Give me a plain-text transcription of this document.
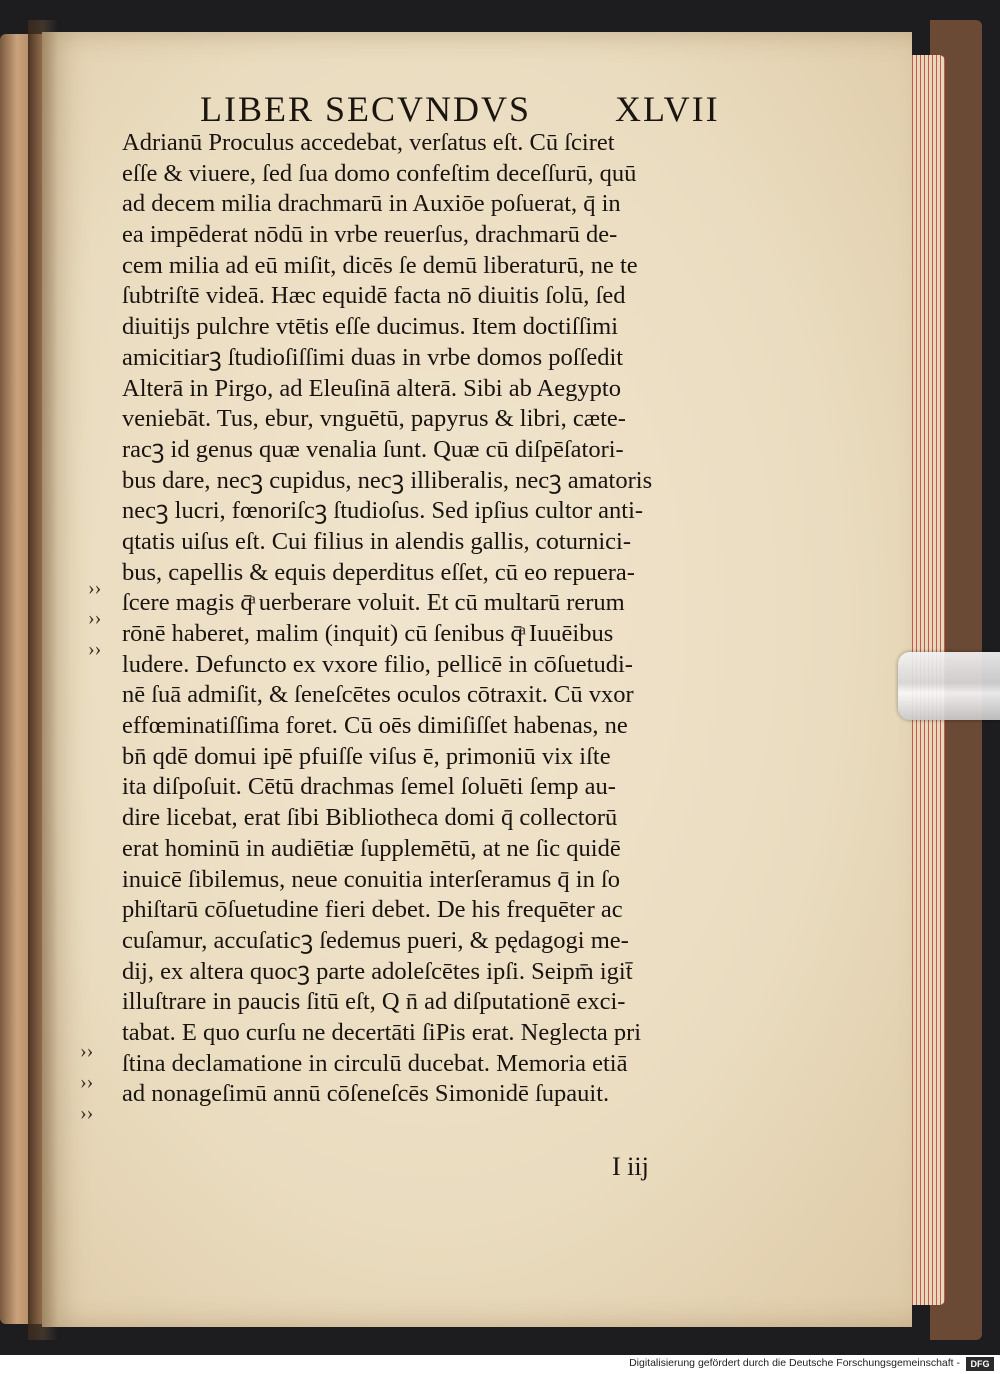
LIBER SECVNDVS XLVII
Adrianū Proculus accedebat, verſatus eſt. Cū ſciret
eſſe & viuere, ſed ſua domo confeſtim deceſſurū, quū
ad decem milia drachmarū in Auxiōe poſuerat, q̄ in
ea impēderat nōdū in vrbe reuerſus, drachmarū de-
cem milia ad eū miſit, dicēs ſe demū liberaturū, ne te
ſubtriſtē videā. Hæc equidē facta nō diuitis ſolū, ſed
diuitijs pulchre vtētis eſſe ducimus. Item doctiſſimi
amicitiarꝫ ſtudioſiſſimi duas in vrbe domos poſſedit
Alterā in Pirgo, ad Eleuſinā alterā. Sibi ab Aegypto
veniebāt. Tus, ebur, vnguētū, papyrus & libri, cæte-
racꝫ id genus quæ venalia ſunt. Quæ cū diſpēſatori-
bus dare, necꝫ cupidus, necꝫ illiberalis, necꝫ amatoris
necꝫ lucri, fœnoriſcꝫ ſtudioſus. Sed ipſius cultor anti-
qtatis uiſus eſt. Cui filius in alendis gallis, coturnici-
bus, capellis & equis deperditus eſſet, cū eo repuera-
ſcere magis q̄ͣ uerberare voluit. Et cū multarū rerum
rōnē haberet, malim (inquit) cū ſenibus q̄ͣ Iuuēibus
ludere. Defuncto ex vxore filio, pellicē in cōſuetudi-
nē ſuā admiſit, & ſeneſcētes oculos cōtraxit. Cū vxor
effœminatiſſima foret. Cū oēs dimiſiſſet habenas, ne
bn̄ qdē domui ipē pfuiſſe viſus ē, primoniū vix iſte
ita diſpoſuit. Cētū drachmas ſemel ſoluēti ſemp au-
dire licebat, erat ſibi Bibliotheca domi q̄ collectorū
erat hominū in audiētiæ ſupplemētū, at ne ſic quidē
inuicē ſibilemus, neue conuitia interſeramus q̄ in ſo
phiſtarū cōſuetudine fieri debet. De his frequēter ac
cuſamur, accuſaticꝫ ſedemus pueri, & pędagogi me-
dij, ex altera quocꝫ parte adoleſcētes ipſi. Seipm̄ igit̄
illuſtrare in paucis ſitū eſt, Q n̄ ad diſputationē exci-
tabat. E quo curſu ne decertāti ſiPis erat. Neglecta pri
ſtina declamatione in circulū ducebat. Memoria etiā
ad nonageſimū annū cōſeneſcēs Simonidē ſupauit.
››
››
››
››
››
››
I iij
Digitalisierung gefördert durch die Deutsche Forschungsgemeinschaft -	DFG
